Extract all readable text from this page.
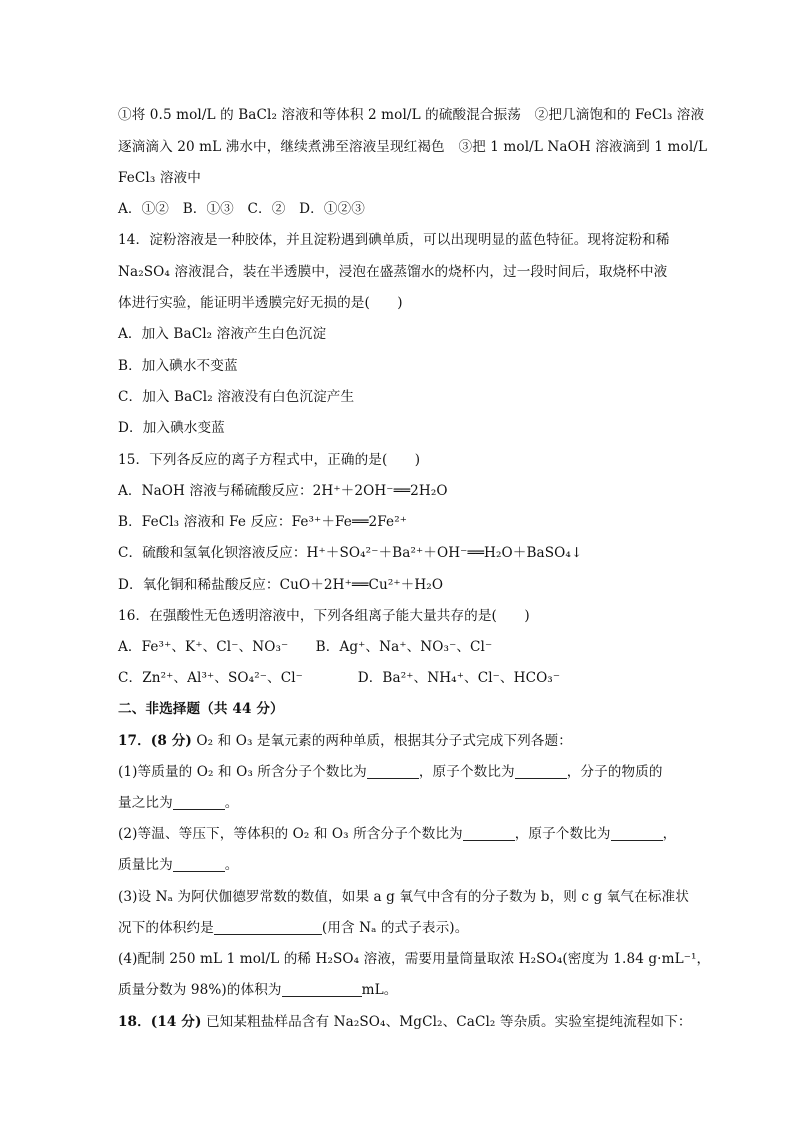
①将 0.5 mol/L 的 BaCl₂ 溶液和等体积 2 mol/L 的硫酸混合振荡　②把几滴饱和的 FeCl₃ 溶液
逐滴滴入 20 mL 沸水中，继续煮沸至溶液呈现红褐色　③把 1 mol/L NaOH 溶液滴到 1 mol/L
FeCl₃ 溶液中
A．①②　B．①③　C．②　D．①②③
14．淀粉溶液是一种胶体，并且淀粉遇到碘单质，可以出现明显的蓝色特征。现将淀粉和稀
Na₂SO₄ 溶液混合，装在半透膜中，浸泡在盛蒸馏水的烧杯内，过一段时间后，取烧杯中液
体进行实验，能证明半透膜完好无损的是(　　)
A．加入 BaCl₂ 溶液产生白色沉淀
B．加入碘水不变蓝
C．加入 BaCl₂ 溶液没有白色沉淀产生
D．加入碘水变蓝
15．下列各反应的离子方程式中，正确的是(　　)
A．NaOH 溶液与稀硫酸反应：2H⁺＋2OH⁻══2H₂O
B．FeCl₃ 溶液和 Fe 反应：Fe³⁺＋Fe══2Fe²⁺
C．硫酸和氢氧化钡溶液反应：H⁺＋SO₄²⁻＋Ba²⁺＋OH⁻══H₂O＋BaSO₄↓
D．氧化铜和稀盐酸反应：CuO＋2H⁺══Cu²⁺＋H₂O
16．在强酸性无色透明溶液中，下列各组离子能大量共存的是(　　)
A．Fe³⁺、K⁺、Cl⁻、NO₃⁻　　B．Ag⁺、Na⁺、NO₃⁻、Cl⁻
C．Zn²⁺、Al³⁺、SO₄²⁻、Cl⁻　　　　D．Ba²⁺、NH₄⁺、Cl⁻、HCO₃⁻
二、非选择题（共 44 分）
17．(8 分) O₂ 和 O₃ 是氧元素的两种单质，根据其分子式完成下列各题：
(1)等质量的 O₂ 和 O₃ 所含分子个数比为	，原子个数比为	，分子的物质的
量之比为	。
(2)等温、等压下，等体积的 O₂ 和 O₃ 所含分子个数比为	，原子个数比为	，
质量比为	。
(3)设 Nₐ 为阿伏伽德罗常数的数值，如果 a g 氧气中含有的分子数为 b，则 c g 氧气在标准状
况下的体积约是	(用含 Nₐ 的式子表示)。
(4)配制 250 mL 1 mol/L 的稀 H₂SO₄ 溶液，需要用量筒量取浓 H₂SO₄(密度为 1.84 g·mL⁻¹，
质量分数为 98%)的体积为	mL。
18．(14 分) 已知某粗盐样品含有 Na₂SO₄、MgCl₂、CaCl₂ 等杂质。实验室提纯流程如下：
